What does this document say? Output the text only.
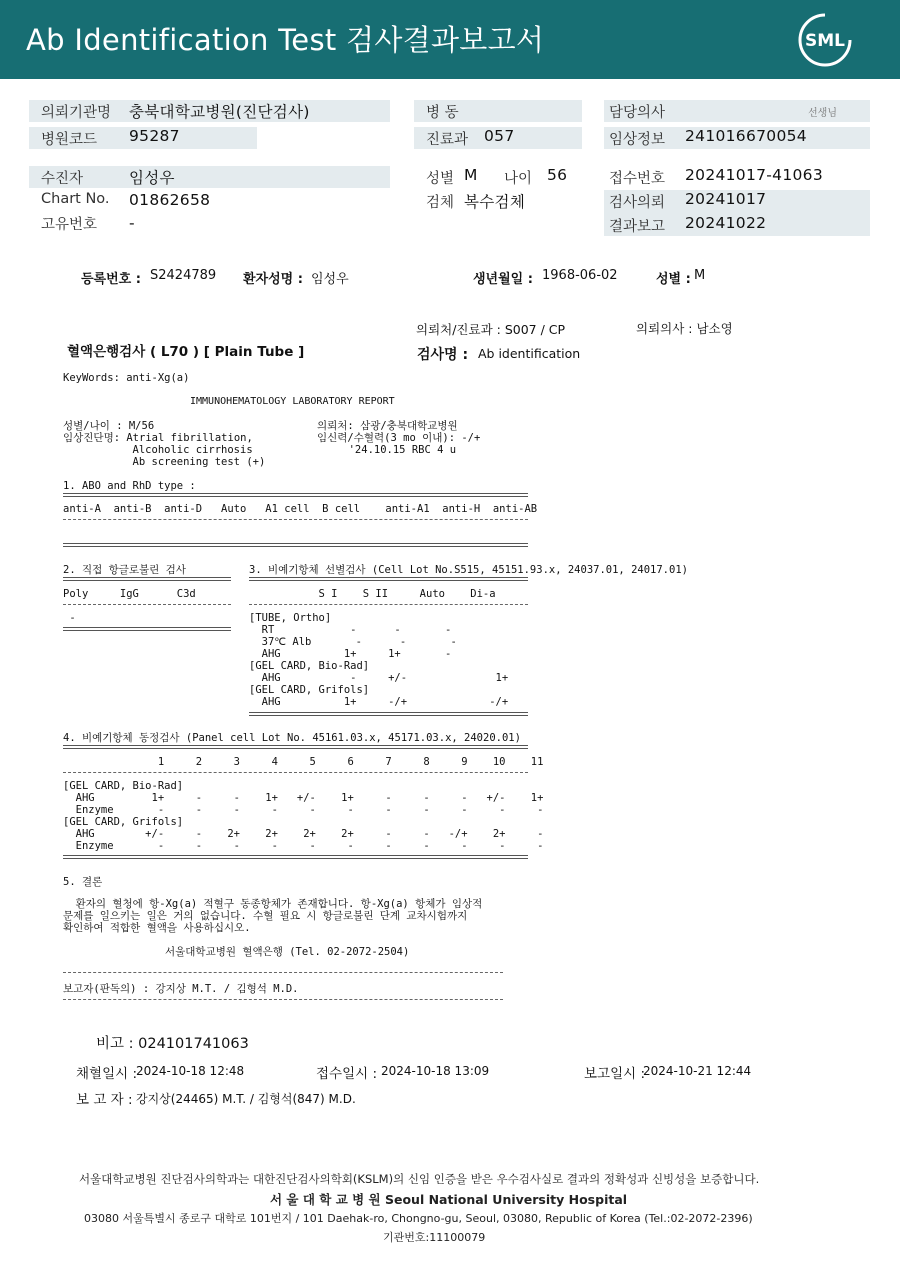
Ab Identification Test 검사결과보고서	SML
의뢰기관명 충북대학교병원(진단검사)	병 동	담당의사	선생님
병원코드 95287	진료과 057	임상정보 241016670054
수진자	임성우	성별 M 나이 56	접수번호 20241017-41063
Chart No. 01862658	검체 복수검체	검사의뢰 20241017
고유번호 -	결과보고 20241022
등록번호 : S2424789 환자성명 : 임성우	생년월일 : 1968-06-02	성별 : M
의뢰처/진료과 : S007 / CP	의뢰의사 : 남소영
혈액은행검사 ( L70 ) [ Plain Tube ]	검사명 : Ab identification
KeyWords: anti-Xg(a)
IMMUNOHEMATOLOGY LABORATORY REPORT
성별/나이 : M/56
임상진단명: Atrial fibrillation,
Alcoholic cirrhosis
Ab screening test (+)
의뢰처: 삼광/충북대학교병원
임신력/수혈력(3 mo 이내): -/+
'24.10.15 RBC 4 u
1. ABO and RhD type :
anti-A  anti-B  anti-D   Auto   A1 cell  B cell    anti-A1  anti-H  anti-AB
2. 직접 항글로불린 검사
Poly     IgG      C3d
-
3. 비예기항체 선별검사 (Cell Lot No.S515, 45151.93.x, 24037.01, 24017.01)
S I    S II     Auto    Di-a
[TUBE, Ortho]
RT            -      -       -
37℃ Alb       -      -       -
AHG          1+     1+       -
[GEL CARD, Bio-Rad]
AHG           -     +/-              1+
[GEL CARD, Grifols]
AHG          1+     -/+             -/+
4. 비예기항체 동정검사 (Panel cell Lot No. 45161.03.x, 45171.03.x, 24020.01)
1     2     3     4     5     6     7     8     9    10    11
[GEL CARD, Bio-Rad]
AHG         1+     -     -    1+   +/-    1+     -     -     -   +/-    1+
Enzyme       -     -     -     -     -     -     -     -     -     -     -
[GEL CARD, Grifols]
AHG        +/-     -    2+    2+    2+    2+     -     -   -/+    2+     -
Enzyme       -     -     -     -     -     -     -     -     -     -     -
5. 결론
환자의 혈청에 항-Xg(a) 적혈구 동종항체가 존재합니다. 항-Xg(a) 항체가 임상적
문제를 일으키는 일은 거의 없습니다. 수혈 필요 시 항글로불린 단계 교차시험까지
확인하여 적합한 혈액을 사용하십시오.
서울대학교병원 혈액은행 (Tel. 02-2072-2504)
보고자(판독의) : 강지상 M.T. / 김형석 M.D.
비고 : 024101741063
채혈일시 :
2024-10-18 12:48	접수일시 : 2024-10-18 13:09	보고일시 :
2024-10-21 12:44
보 고 자 : 강지상(24465) M.T. / 김형석(847) M.D.
서울대학교병원 진단검사의학과는 대한진단검사의학회(KSLM)의 신임 인증을 받은 우수검사실로 결과의 정확성과 신빙성을 보증합니다.
서 울 대 학 교 병 원 Seoul National University Hospital
03080 서울특별시 종로구 대학로 101번지 / 101 Daehak-ro, Chongno-gu, Seoul, 03080, Republic of Korea (Tel.:02-2072-2396)
기관번호:11100079
